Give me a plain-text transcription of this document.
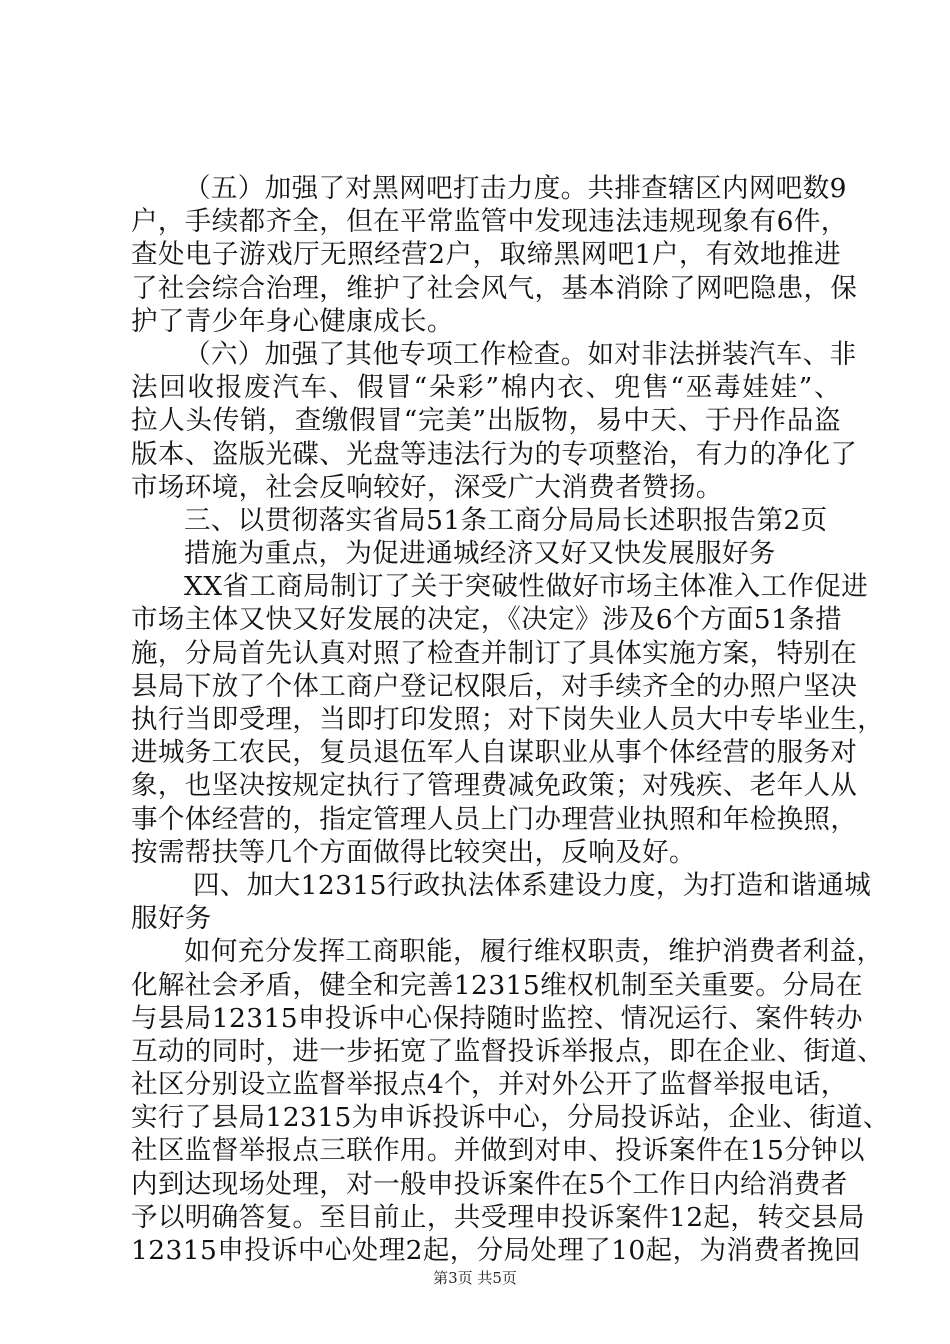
（五）加强了对黑网吧打击力度。共排查辖区内网吧数9
户，手续都齐全，但在平常监管中发现违法违规现象有6件，
查处电子游戏厅无照经营2户，取缔黑网吧1户，有效地推进
了社会综合治理，维护了社会风气，基本消除了网吧隐患，保
护了青少年身心健康成长。
（六）加强了其他专项工作检查。如对非法拼装汽车、非
法回收报废汽车、假冒“朵彩”棉内衣、兜售“巫毒娃娃”、
拉人头传销，查缴假冒“完美”出版物，易中天、于丹作品盗
版本、盗版光碟、光盘等违法行为的专项整治，有力的净化了
市场环境，社会反响较好，深受广大消费者赞扬。
三、以贯彻落实省局51条工商分局局长述职报告第2页
措施为重点，为促进通城经济又好又快发展服好务
XX省工商局制订了关于突破性做好市场主体准入工作促进
市场主体又快又好发展的决定，《决定》涉及6个方面51条措
施，分局首先认真对照了检查并制订了具体实施方案，特别在
县局下放了个体工商户登记权限后，对手续齐全的办照户坚决
执行当即受理，当即打印发照；对下岗失业人员大中专毕业生，
进城务工农民，复员退伍军人自谋职业从事个体经营的服务对
象，也坚决按规定执行了管理费减免政策；对残疾、老年人从
事个体经营的，指定管理人员上门办理营业执照和年检换照，
按需帮扶等几个方面做得比较突出，反响及好。
四、加大12315行政执法体系建设力度，为打造和谐通城
服好务
如何充分发挥工商职能，履行维权职责，维护消费者利益，
化解社会矛盾，健全和完善12315维权机制至关重要。分局在
与县局12315申投诉中心保持随时监控、情况运行、案件转办
互动的同时，进一步拓宽了监督投诉举报点，即在企业、街道、
社区分别设立监督举报点4个，并对外公开了监督举报电话，
实行了县局12315为申诉投诉中心，分局投诉站，企业、街道、
社区监督举报点三联作用。并做到对申、投诉案件在15分钟以
内到达现场处理，对一般申投诉案件在5个工作日内给消费者
予以明确答复。至目前止，共受理申投诉案件12起，转交县局
12315申投诉中心处理2起，分局处理了10起，为消费者挽回
第3页 共5页
